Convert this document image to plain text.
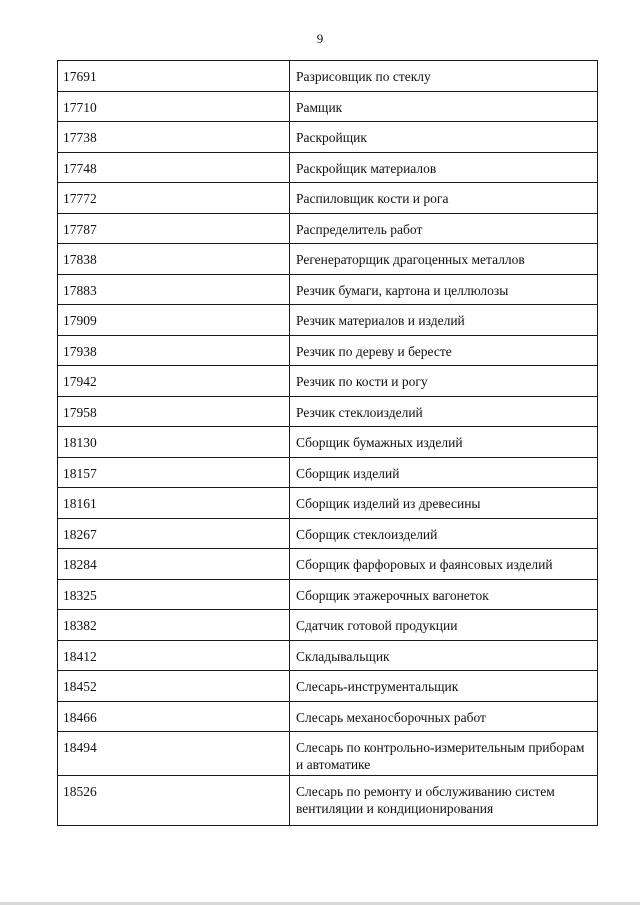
9
17691	Разрисовщик по стеклу
17710	Рамщик
17738	Раскройщик
17748	Раскройщик материалов
17772	Распиловщик кости и рога
17787	Распределитель работ
17838	Регенераторщик драгоценных металлов
17883	Резчик бумаги, картона и целлюлозы
17909	Резчик материалов и изделий
17938	Резчик по дереву и бересте
17942	Резчик по кости и рогу
17958	Резчик стеклоизделий
18130	Сборщик бумажных изделий
18157	Сборщик изделий
18161	Сборщик изделий из древесины
18267	Сборщик стеклоизделий
18284	Сборщик фарфоровых и фаянсовых изделий
18325	Сборщик этажерочных вагонеток
18382	Сдатчик готовой продукции
18412	Складывальщик
18452	Слесарь-инструментальщик
18466	Слесарь механосборочных работ
18494	Слесарь по контрольно-измерительным приборам и автоматике
18526	Слесарь по ремонту и обслуживанию систем вентиляции и кондиционирования
